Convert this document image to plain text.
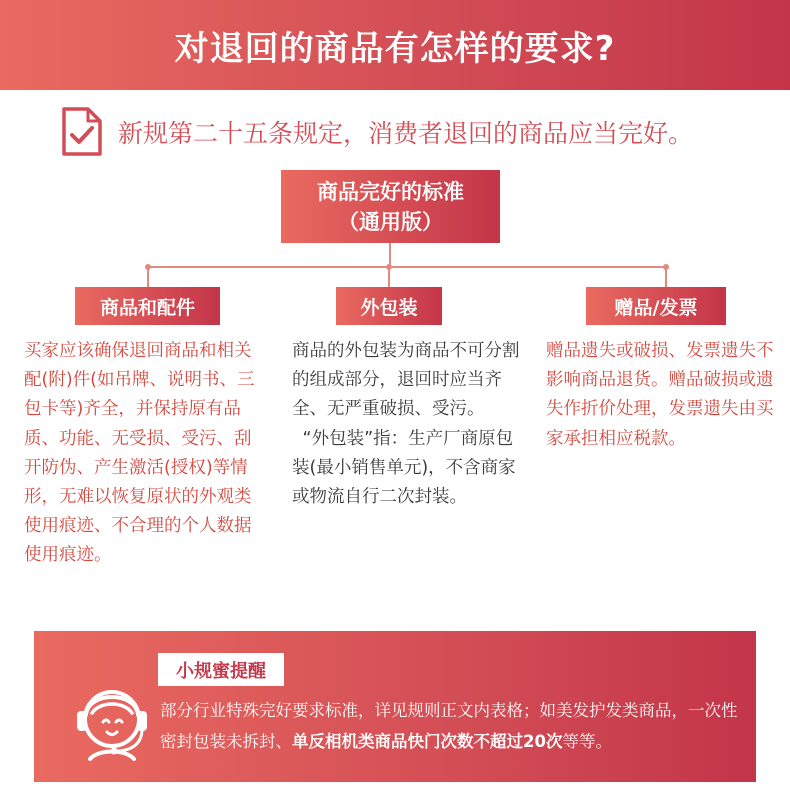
对退回的商品有怎样的要求?
新规第二十五条规定，消费者退回的商品应当完好。
商品完好的标准
（通用版）
商品和配件	外包装	赠品/发票
买家应该确保退回商品和相关配(附)件(如吊牌、说明书、三包卡等)齐全，并保持原有品质、功能、无受损、受污、刮开防伪、产生激活(授权)等情形，无难以恢复原状的外观类使用痕迹、不合理的个人数据使用痕迹。
商品的外包装为商品不可分割的组成部分，退回时应当齐全、无严重破损、受污。
“外包装”指：生产厂商原包装(最小销售单元)，不含商家或物流自行二次封装。
赠品遗失或破损、发票遗失不影响商品退货。赠品破损或遗失作折价处理，发票遗失由买家承担相应税款。
小规蜜提醒
部分行业特殊完好要求标准，详见规则正文内表格；如美发护发类商品，一次性密封包装未拆封、单反相机类商品快门次数不超过20次等等。
